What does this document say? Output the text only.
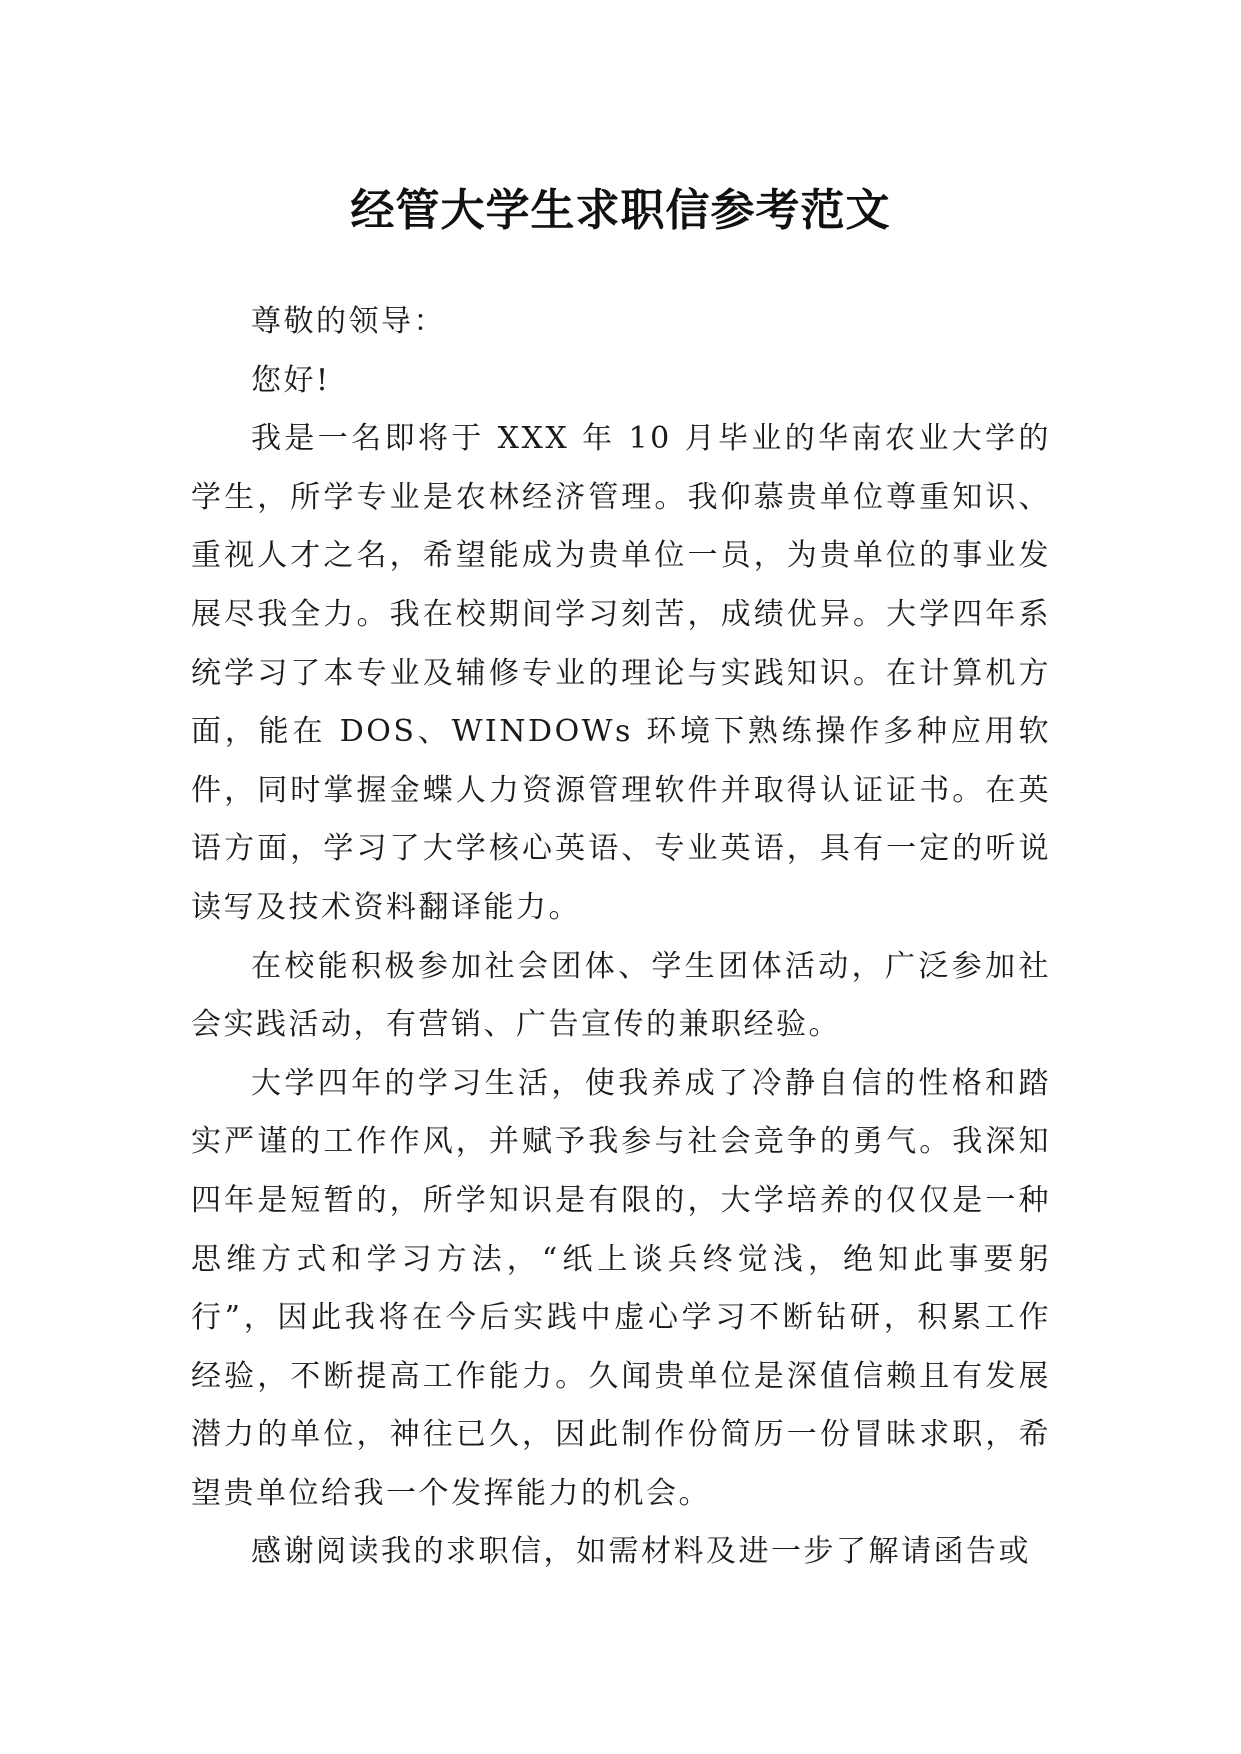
经管大学生求职信参考范文

尊敬的领导：

您好!

我是一名即将于 XXX 年 10 月毕业的华南农业大学的学生，所学专业是农林经济管理。我仰慕贵单位尊重知识、重视人才之名，希望能成为贵单位一员，为贵单位的事业发展尽我全力。我在校期间学习刻苦，成绩优异。大学四年系统学习了本专业及辅修专业的理论与实践知识。在计算机方面，能在 DOS、WINDOWs 环境下熟练操作多种应用软件，同时掌握金蝶人力资源管理软件并取得认证证书。在英语方面，学习了大学核心英语、专业英语，具有一定的听说读写及技术资料翻译能力。

在校能积极参加社会团体、学生团体活动，广泛参加社会实践活动，有营销、广告宣传的兼职经验。

大学四年的学习生活，使我养成了冷静自信的性格和踏实严谨的工作作风，并赋予我参与社会竞争的勇气。我深知四年是短暂的，所学知识是有限的，大学培养的仅仅是一种思维方式和学习方法，“纸上谈兵终觉浅，绝知此事要躬行”，因此我将在今后实践中虚心学习不断钻研，积累工作经验，不断提高工作能力。久闻贵单位是深值信赖且有发展潜力的单位，神往已久，因此制作份简历一份冒昧求职，希望贵单位给我一个发挥能力的机会。

感谢阅读我的求职信，如需材料及进一步了解请函告或
